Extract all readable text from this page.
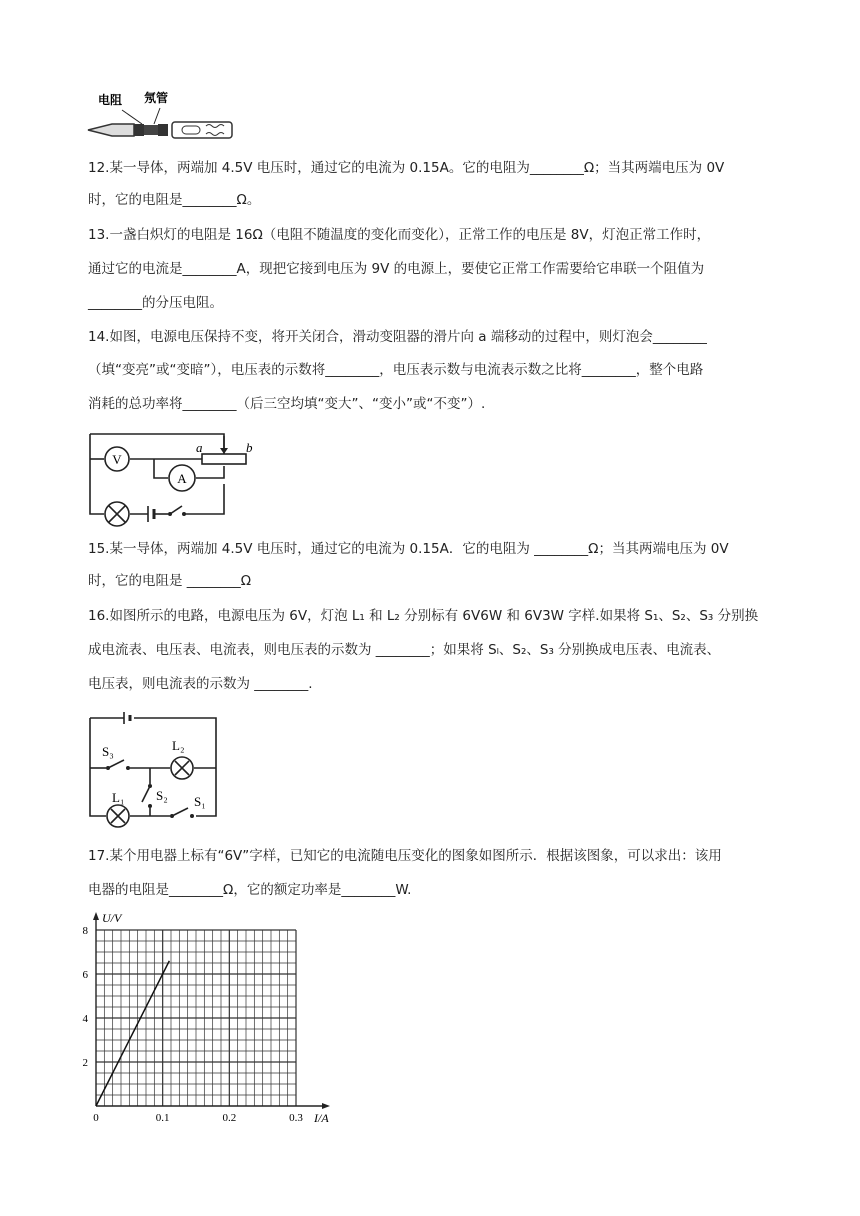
电阻 氖管
12.某一导体，两端加 4.5V 电压时，通过它的电流为 0.15A。它的电阻为________Ω；当其两端电压为 0V
时，它的电阻是________Ω。
13.一盏白炽灯的电阻是 16Ω（电阻不随温度的变化而变化），正常工作的电压是 8V，灯泡正常工作时，
通过它的电流是________A，现把它接到电压为 9V 的电源上，要使它正常工作需要给它串联一个阻值为
________的分压电阻。
14.如图，电源电压保持不变，将开关闭合，滑动变阻器的滑片向 a 端移动的过程中，则灯泡会________
（填“变亮”或“变暗”），电压表的示数将________，电压表示数与电流表示数之比将________，整个电路
消耗的总功率将________（后三空均填“变大”、“变小”或“不变”）.
a	b
V
A
15.某一导体，两端加 4.5V 电压时，通过它的电流为 0.15A．它的电阻为 ________Ω；当其两端电压为 0V
时，它的电阻是 ________Ω
16.如图所示的电路，电源电压为 6V，灯泡 L₁ 和 L₂ 分别标有 6V6W 和 6V3W 字样.如果将 S₁、S₂、S₃ 分别换
成电流表、电压表、电流表，则电压表的示数为 ________；如果将 Sₗ、S₂、S₃ 分别换成电压表、电流表、
电压表，则电流表的示数为 ________.
S₃	L₂
S₂
L₁	S₁
17.某个用电器上标有“6V”字样，已知它的电流随电压变化的图象如图所示．根据该图象，可以求出：该用
电器的电阻是________Ω，它的额定功率是________W.
0	0.1	0.2	0.3
2
4
6
8
I/A
U/V
